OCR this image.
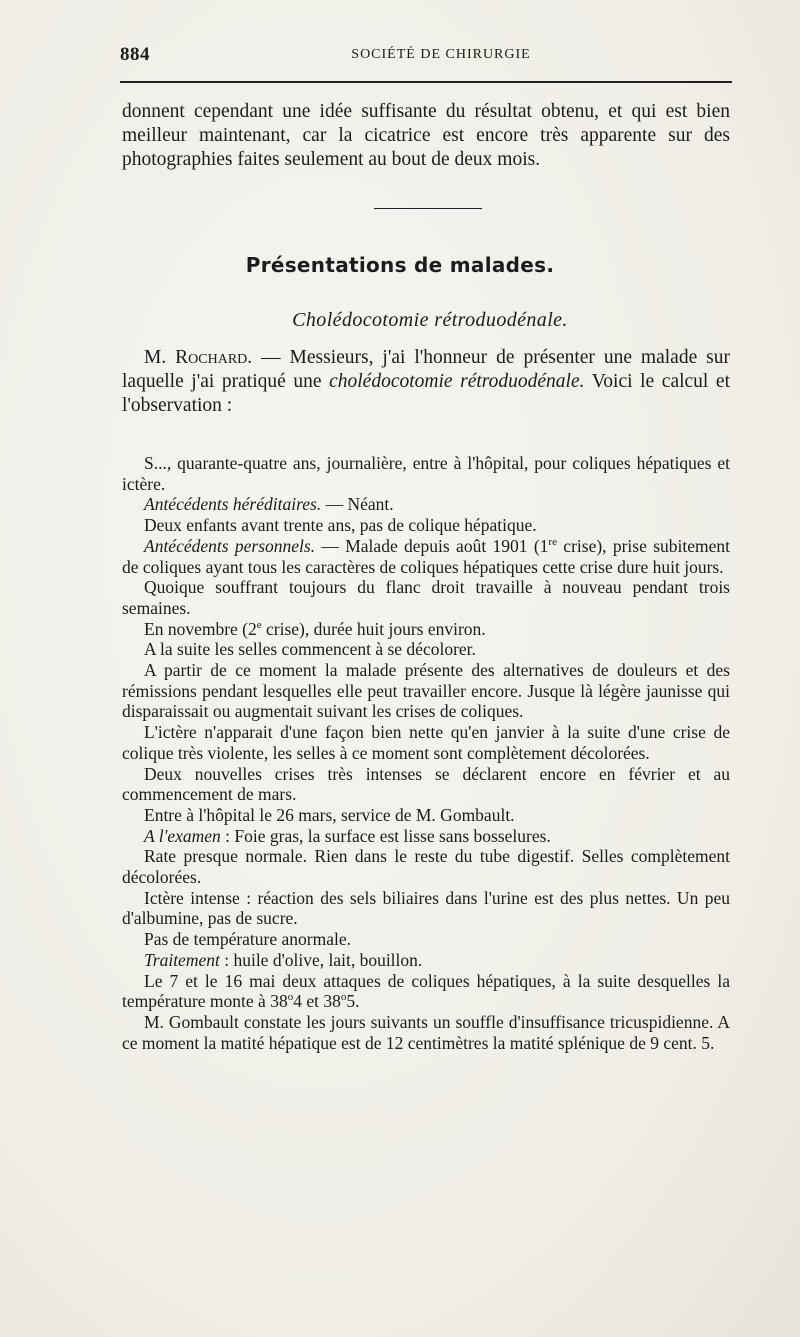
884	SOCIÉTÉ DE CHIRURGIE

donnent cependant une idée suffisante du résultat obtenu, et qui est bien meilleur maintenant, car la cicatrice est encore très apparente sur des photographies faites seulement au bout de deux mois.

Présentations de malades.
Cholédocotomie rétroduodénale.

M. Rochard. — Messieurs, j'ai l'honneur de présenter une malade sur laquelle j'ai pratiqué une cholédocotomie rétroduodénale. Voici le calcul et l'observation :

S..., quarante-quatre ans, journalière, entre à l'hôpital, pour coliques hépatiques et ictère.

Antécédents héréditaires. — Néant.

Deux enfants avant trente ans, pas de colique hépatique.

Antécédents personnels. — Malade depuis août 1901 (1re crise), prise subitement de coliques ayant tous les caractères de coliques hépatiques cette crise dure huit jours.

Quoique souffrant toujours du flanc droit travaille à nouveau pendant trois semaines.

En novembre (2e crise), durée huit jours environ.

A la suite les selles commencent à se décolorer.

A partir de ce moment la malade présente des alternatives de douleurs et des rémissions pendant lesquelles elle peut travailler encore. Jusque là légère jaunisse qui disparaissait ou augmentait suivant les crises de coliques.

L'ictère n'apparait d'une façon bien nette qu'en janvier à la suite d'une crise de colique très violente, les selles à ce moment sont complètement décolorées.

Deux nouvelles crises très intenses se déclarent encore en février et au commencement de mars.

Entre à l'hôpital le 26 mars, service de M. Gombault.

A l'examen : Foie gras, la surface est lisse sans bosselures.

Rate presque normale. Rien dans le reste du tube digestif. Selles complètement décolorées.

Ictère intense : réaction des sels biliaires dans l'urine est des plus nettes. Un peu d'albumine, pas de sucre.

Pas de température anormale.

Traitement : huile d'olive, lait, bouillon.

Le 7 et le 16 mai deux attaques de coliques hépatiques, à la suite desquelles la température monte à 38$^o$4 et 38$^o$5.

M. Gombault constate les jours suivants un souffle d'insuffisance tricuspidienne. A ce moment la matité hépatique est de 12 centimètres la matité splénique de 9 cent. 5.
